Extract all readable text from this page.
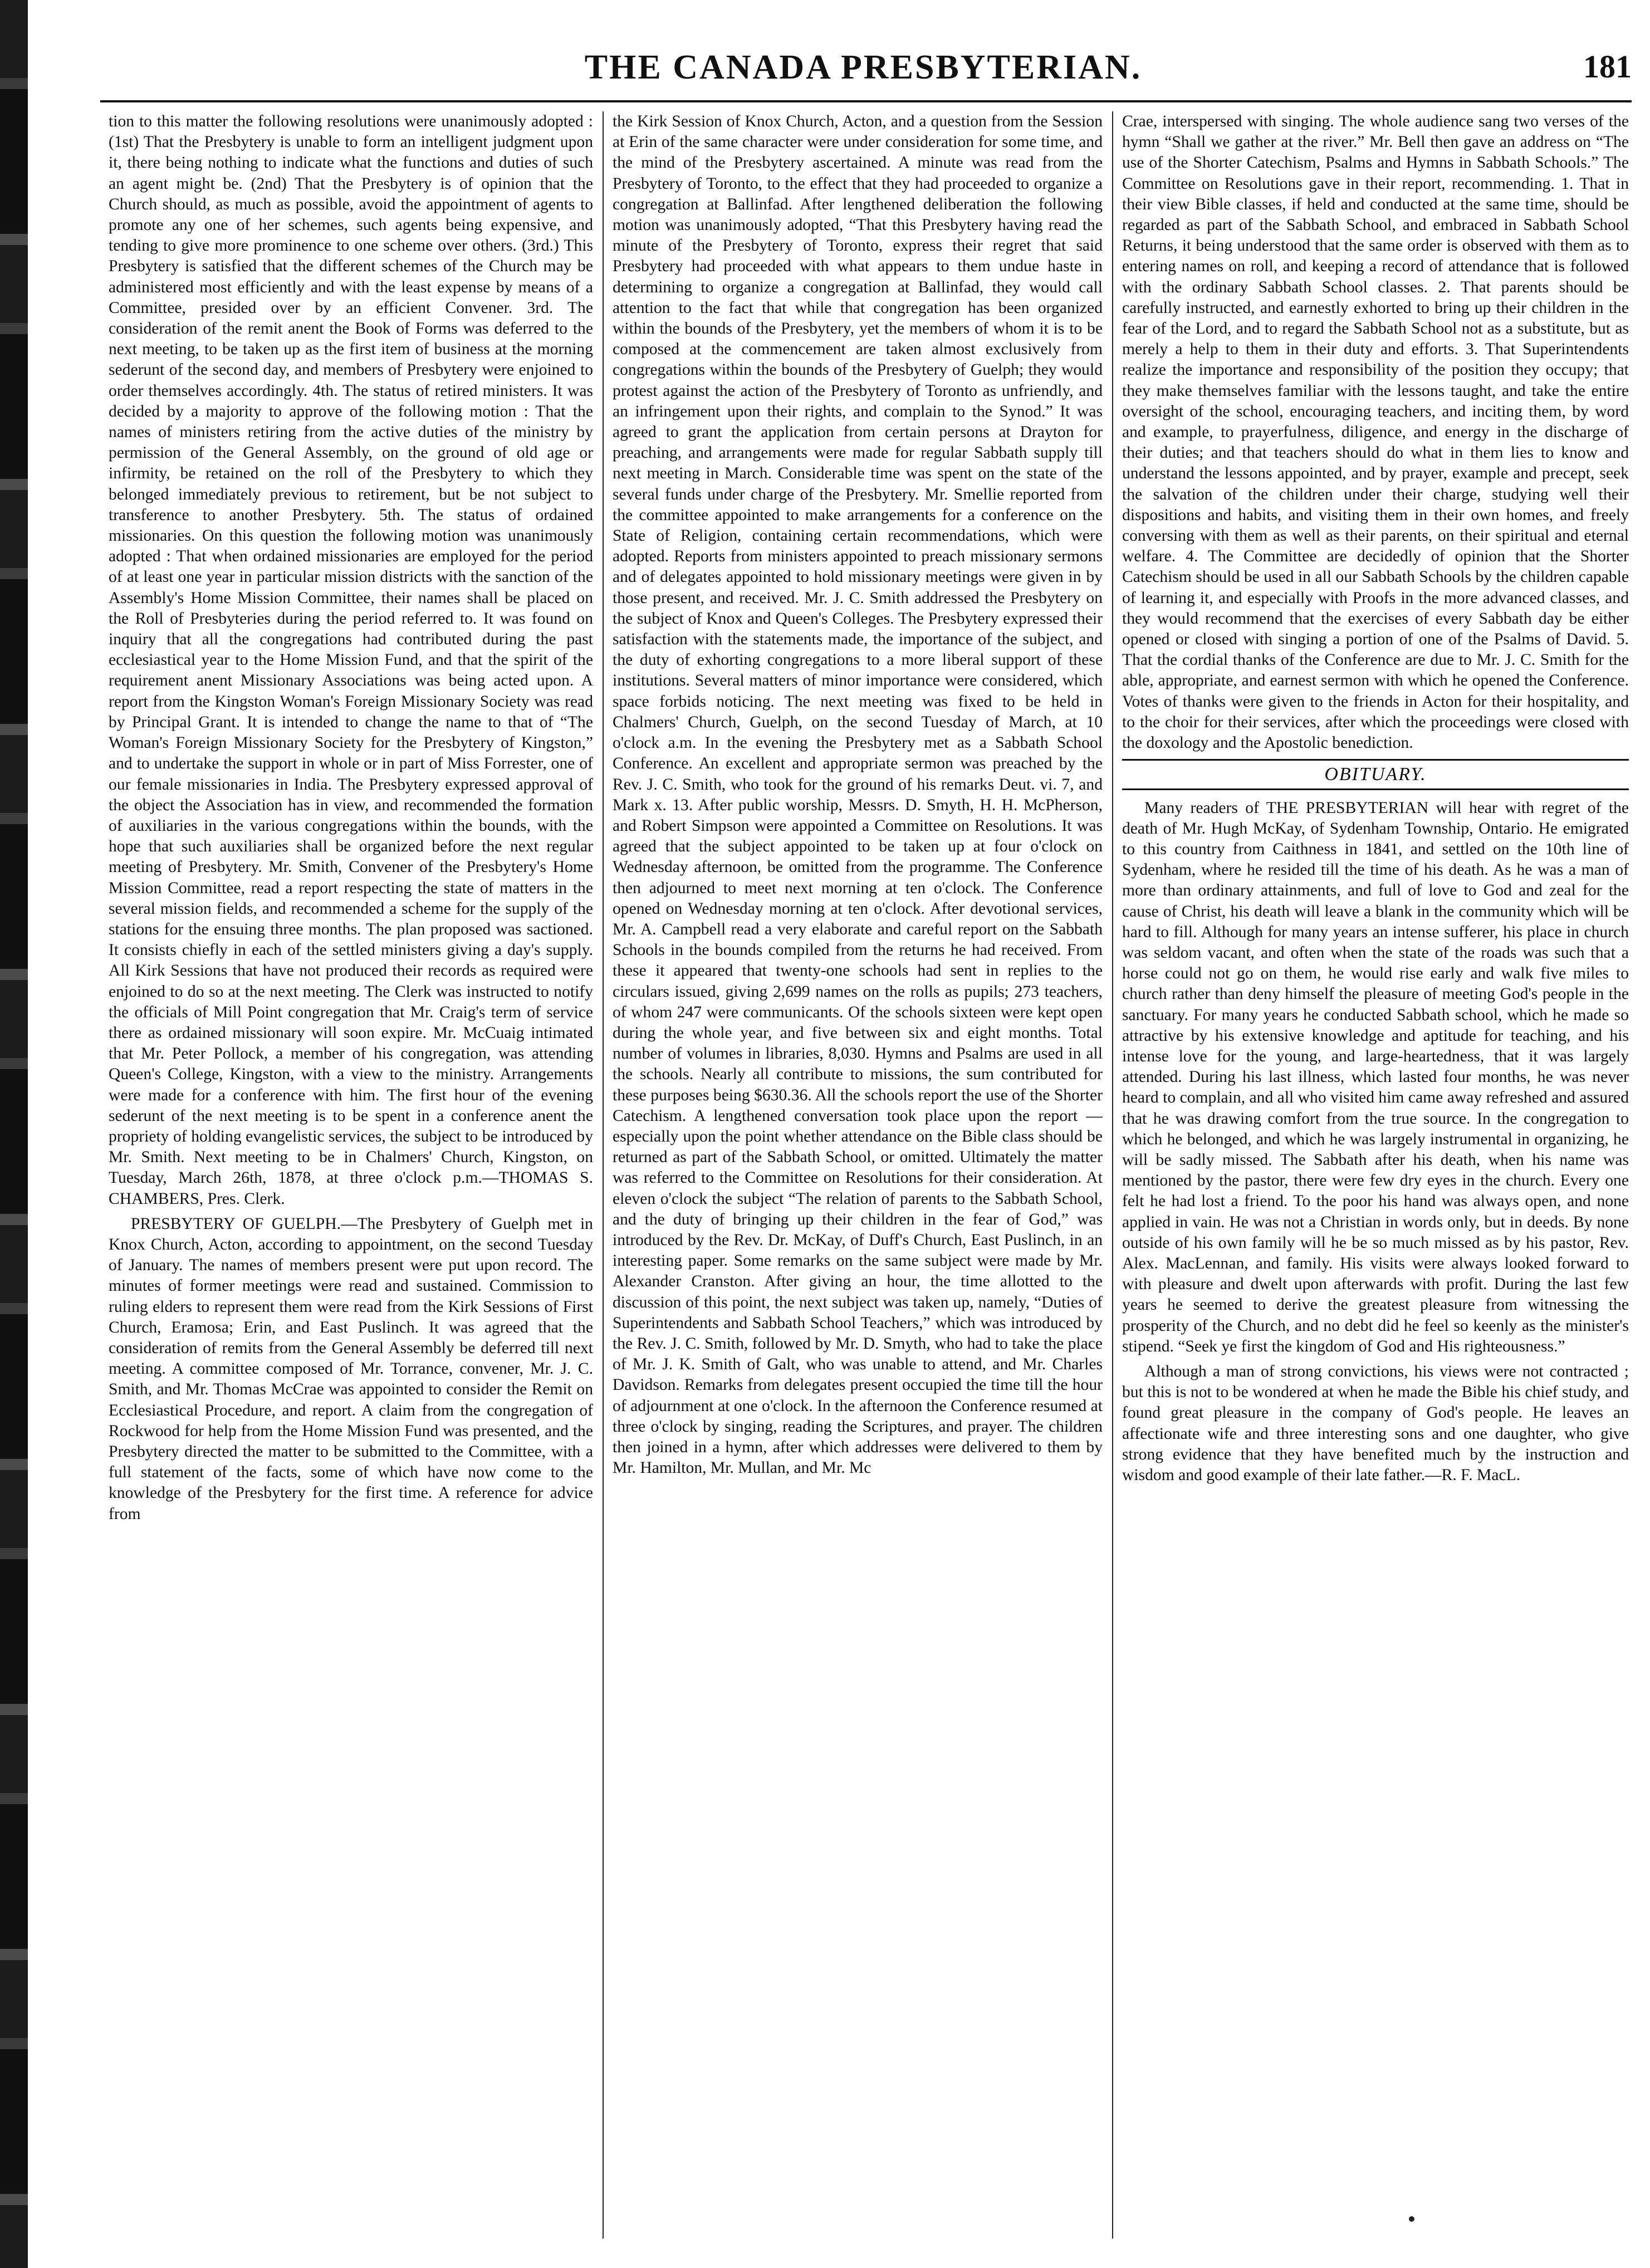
THE CANADA PRESBYTERIAN.	181

tion to this matter the following resolutions were unanimously adopted : (1st) That the Presbytery is unable to form an intelligent judgment upon it, there being nothing to indicate what the functions and duties of such an agent might be. (2nd) That the Presbytery is of opinion that the Church should, as much as possible, avoid the appointment of agents to promote any one of her schemes, such agents being expensive, and tending to give more prominence to one scheme over others. (3rd.) This Presbytery is satisfied that the different schemes of the Church may be administered most efficiently and with the least expense by means of a Committee, presided over by an efficient Convener. 3rd. The consideration of the remit anent the Book of Forms was deferred to the next meeting, to be taken up as the first item of business at the morning sederunt of the second day, and members of Presbytery were enjoined to order themselves accordingly. 4th. The status of retired ministers. It was decided by a majority to approve of the following motion : That the names of ministers retiring from the active duties of the ministry by permission of the General Assembly, on the ground of old age or infirmity, be retained on the roll of the Presbytery to which they belonged immediately previous to retirement, but be not subject to transference to another Presbytery. 5th. The status of ordained missionaries. On this question the following motion was unanimously adopted : That when ordained missionaries are employed for the period of at least one year in particular mission districts with the sanction of the Assembly's Home Mission Committee, their names shall be placed on the Roll of Presbyteries during the period referred to. It was found on inquiry that all the congregations had contributed during the past ecclesiastical year to the Home Mission Fund, and that the spirit of the requirement anent Missionary Associations was being acted upon. A report from the Kingston Woman's Foreign Missionary Society was read by Principal Grant. It is intended to change the name to that of “The Woman's Foreign Missionary Society for the Presbytery of Kingston,” and to undertake the support in whole or in part of Miss Forrester, one of our female missionaries in India. The Presbytery expressed approval of the object the Association has in view, and recommended the formation of auxiliaries in the various congregations within the bounds, with the hope that such auxiliaries shall be organized before the next regular meeting of Presbytery. Mr. Smith, Convener of the Presbytery's Home Mission Committee, read a report respecting the state of matters in the several mission fields, and recommended a scheme for the supply of the stations for the ensuing three months. The plan proposed was sactioned. It consists chiefly in each of the settled ministers giving a day's supply. All Kirk Sessions that have not produced their records as required were enjoined to do so at the next meeting. The Clerk was instructed to notify the officials of Mill Point congregation that Mr. Craig's term of service there as ordained missionary will soon expire. Mr. McCuaig intimated that Mr. Peter Pollock, a member of his congregation, was attending Queen's College, Kingston, with a view to the ministry. Arrangements were made for a conference with him. The first hour of the evening sederunt of the next meeting is to be spent in a conference anent the propriety of holding evangelistic services, the subject to be introduced by Mr. Smith. Next meeting to be in Chalmers' Church, Kingston, on Tuesday, March 26th, 1878, at three o'clock p.m.—THOMAS S. CHAMBERS, Pres. Clerk.

PRESBYTERY OF GUELPH.—The Presbytery of Guelph met in Knox Church, Acton, according to appointment, on the second Tuesday of January. The names of members present were put upon record. The minutes of former meetings were read and sustained. Commission to ruling elders to represent them were read from the Kirk Sessions of First Church, Eramosa; Erin, and East Puslinch. It was agreed that the consideration of remits from the General Assembly be deferred till next meeting. A committee composed of Mr. Torrance, convener, Mr. J. C. Smith, and Mr. Thomas McCrae was appointed to consider the Remit on Ecclesiastical Procedure, and report. A claim from the congregation of Rockwood for help from the Home Mission Fund was presented, and the Presbytery directed the matter to be submitted to the Committee, with a full statement of the facts, some of which have now come to the knowledge of the Presbytery for the first time. A reference for advice from

the Kirk Session of Knox Church, Acton, and a question from the Session at Erin of the same character were under consideration for some time, and the mind of the Presbytery ascertained. A minute was read from the Presbytery of Toronto, to the effect that they had proceeded to organize a congregation at Ballinfad. After lengthened deliberation the following motion was unanimously adopted, “That this Presbytery having read the minute of the Presbytery of Toronto, express their regret that said Presbytery had proceeded with what appears to them undue haste in determining to organize a congregation at Ballinfad, they would call attention to the fact that while that congregation has been organized within the bounds of the Presbytery, yet the members of whom it is to be composed at the commencement are taken almost exclusively from congregations within the bounds of the Presbytery of Guelph; they would protest against the action of the Presbytery of Toronto as unfriendly, and an infringement upon their rights, and complain to the Synod.” It was agreed to grant the application from certain persons at Drayton for preaching, and arrangements were made for regular Sabbath supply till next meeting in March. Considerable time was spent on the state of the several funds under charge of the Presbytery. Mr. Smellie reported from the committee appointed to make arrangements for a conference on the State of Religion, containing certain recommendations, which were adopted. Reports from ministers appointed to preach missionary sermons and of delegates appointed to hold missionary meetings were given in by those present, and received. Mr. J. C. Smith addressed the Presbytery on the subject of Knox and Queen's Colleges. The Presbytery expressed their satisfaction with the statements made, the importance of the subject, and the duty of exhorting congregations to a more liberal support of these institutions. Several matters of minor importance were considered, which space forbids noticing. The next meeting was fixed to be held in Chalmers' Church, Guelph, on the second Tuesday of March, at 10 o'clock a.m. In the evening the Presbytery met as a Sabbath School Conference. An excellent and appropriate sermon was preached by the Rev. J. C. Smith, who took for the ground of his remarks Deut. vi. 7, and Mark x. 13. After public worship, Messrs. D. Smyth, H. H. McPherson, and Robert Simpson were appointed a Committee on Resolutions. It was agreed that the subject appointed to be taken up at four o'clock on Wednesday afternoon, be omitted from the programme. The Conference then adjourned to meet next morning at ten o'clock. The Conference opened on Wednesday morning at ten o'clock. After devotional services, Mr. A. Campbell read a very elaborate and careful report on the Sabbath Schools in the bounds compiled from the returns he had received. From these it appeared that twenty-one schools had sent in replies to the circulars issued, giving 2,699 names on the rolls as pupils; 273 teachers, of whom 247 were communicants. Of the schools sixteen were kept open during the whole year, and five between six and eight months. Total number of volumes in libraries, 8,030. Hymns and Psalms are used in all the schools. Nearly all contribute to missions, the sum contributed for these purposes being $630.36. All the schools report the use of the Shorter Catechism. A lengthened conversation took place upon the report —especially upon the point whether attendance on the Bible class should be returned as part of the Sabbath School, or omitted. Ultimately the matter was referred to the Committee on Resolutions for their consideration. At eleven o'clock the subject “The relation of parents to the Sabbath School, and the duty of bringing up their children in the fear of God,” was introduced by the Rev. Dr. McKay, of Duff's Church, East Puslinch, in an interesting paper. Some remarks on the same subject were made by Mr. Alexander Cranston. After giving an hour, the time allotted to the discussion of this point, the next subject was taken up, namely, “Duties of Superintendents and Sabbath School Teachers,” which was introduced by the Rev. J. C. Smith, followed by Mr. D. Smyth, who had to take the place of Mr. J. K. Smith of Galt, who was unable to attend, and Mr. Charles Davidson. Remarks from delegates present occupied the time till the hour of adjournment at one o'clock. In the afternoon the Conference resumed at three o'clock by singing, reading the Scriptures, and prayer. The children then joined in a hymn, after which addresses were delivered to them by Mr. Hamilton, Mr. Mullan, and Mr. Mc

Crae, interspersed with singing. The whole audience sang two verses of the hymn “Shall we gather at the river.” Mr. Bell then gave an address on “The use of the Shorter Catechism, Psalms and Hymns in Sabbath Schools.” The Committee on Resolutions gave in their report, recommending. 1. That in their view Bible classes, if held and conducted at the same time, should be regarded as part of the Sabbath School, and embraced in Sabbath School Returns, it being understood that the same order is observed with them as to entering names on roll, and keeping a record of attendance that is followed with the ordinary Sabbath School classes. 2. That parents should be carefully instructed, and earnestly exhorted to bring up their children in the fear of the Lord, and to regard the Sabbath School not as a substitute, but as merely a help to them in their duty and efforts. 3. That Superintendents realize the importance and responsibility of the position they occupy; that they make themselves familiar with the lessons taught, and take the entire oversight of the school, encouraging teachers, and inciting them, by word and example, to prayerfulness, diligence, and energy in the discharge of their duties; and that teachers should do what in them lies to know and understand the lessons appointed, and by prayer, example and precept, seek the salvation of the children under their charge, studying well their dispositions and habits, and visiting them in their own homes, and freely conversing with them as well as their parents, on their spiritual and eternal welfare. 4. The Committee are decidedly of opinion that the Shorter Catechism should be used in all our Sabbath Schools by the children capable of learning it, and especially with Proofs in the more advanced classes, and they would recommend that the exercises of every Sabbath day be either opened or closed with singing a portion of one of the Psalms of David. 5. That the cordial thanks of the Conference are due to Mr. J. C. Smith for the able, appropriate, and earnest sermon with which he opened the Conference. Votes of thanks were given to the friends in Acton for their hospitality, and to the choir for their services, after which the proceedings were closed with the doxology and the Apostolic benediction.

OBITUARY.

Many readers of THE PRESBYTERIAN will hear with regret of the death of Mr. Hugh McKay, of Sydenham Township, Ontario. He emigrated to this country from Caithness in 1841, and settled on the 10th line of Sydenham, where he resided till the time of his death. As he was a man of more than ordinary attainments, and full of love to God and zeal for the cause of Christ, his death will leave a blank in the community which will be hard to fill. Although for many years an intense sufferer, his place in church was seldom vacant, and often when the state of the roads was such that a horse could not go on them, he would rise early and walk five miles to church rather than deny himself the pleasure of meeting God's people in the sanctuary. For many years he conducted Sabbath school, which he made so attractive by his extensive knowledge and aptitude for teaching, and his intense love for the young, and large-heartedness, that it was largely attended. During his last illness, which lasted four months, he was never heard to complain, and all who visited him came away refreshed and assured that he was drawing comfort from the true source. In the congregation to which he belonged, and which he was largely instrumental in organizing, he will be sadly missed. The Sabbath after his death, when his name was mentioned by the pastor, there were few dry eyes in the church. Every one felt he had lost a friend. To the poor his hand was always open, and none applied in vain. He was not a Christian in words only, but in deeds. By none outside of his own family will he be so much missed as by his pastor, Rev. Alex. MacLennan, and family. His visits were always looked forward to with pleasure and dwelt upon afterwards with profit. During the last few years he seemed to derive the greatest pleasure from witnessing the prosperity of the Church, and no debt did he feel so keenly as the minister's stipend. “Seek ye first the kingdom of God and His righteousness.”

Although a man of strong convictions, his views were not contracted ; but this is not to be wondered at when he made the Bible his chief study, and found great pleasure in the company of God's people. He leaves an affectionate wife and three interesting sons and one daughter, who give strong evidence that they have benefited much by the instruction and wisdom and good example of their late father.—R. F. MacL.
